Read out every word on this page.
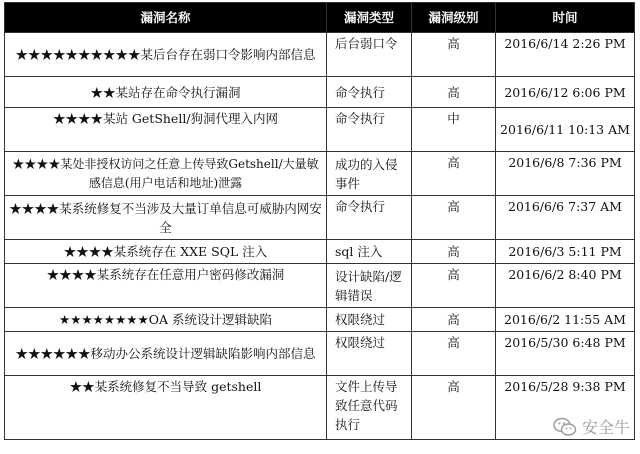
漏洞名称	漏洞类型	漏洞级别	时间
★★★★★★★★★★某后台存在弱口令影响内部信息	后台弱口令	高	2016/6/14 2:26 PM
★★某站存在命令执行漏洞	命令执行	高	2016/6/12 6:06 PM
★★★★某站 GetShell/狗洞代理入内网	命令执行	中	2016/6/11 10:13 AM
★★★★某处非授权访问之任意上传导致Getshell/大量敏感信息(用户电话和地址)泄露	成功的入侵事件	高	2016/6/8 7:36 PM
★★★★某系统修复不当涉及大量订单信息可威胁内网安全	命令执行	高	2016/6/6 7:37 AM
★★★★某系统存在 XXE SQL 注入	sql 注入	高	2016/6/3 5:11 PM
★★★★某系统存在任意用户密码修改漏洞	设计缺陷/逻辑错误	高	2016/6/2 8:40 PM
★★★★★★★★OA 系统设计逻辑缺陷	权限绕过	高	2016/6/2 11:55 AM
★★★★★★移动办公系统设计逻辑缺陷影响内部信息	权限绕过	高	2016/5/30 6:48 PM
★★某系统修复不当导致 getshell	文件上传导致任意代码执行	高	2016/5/28 9:38 PM
安全牛
